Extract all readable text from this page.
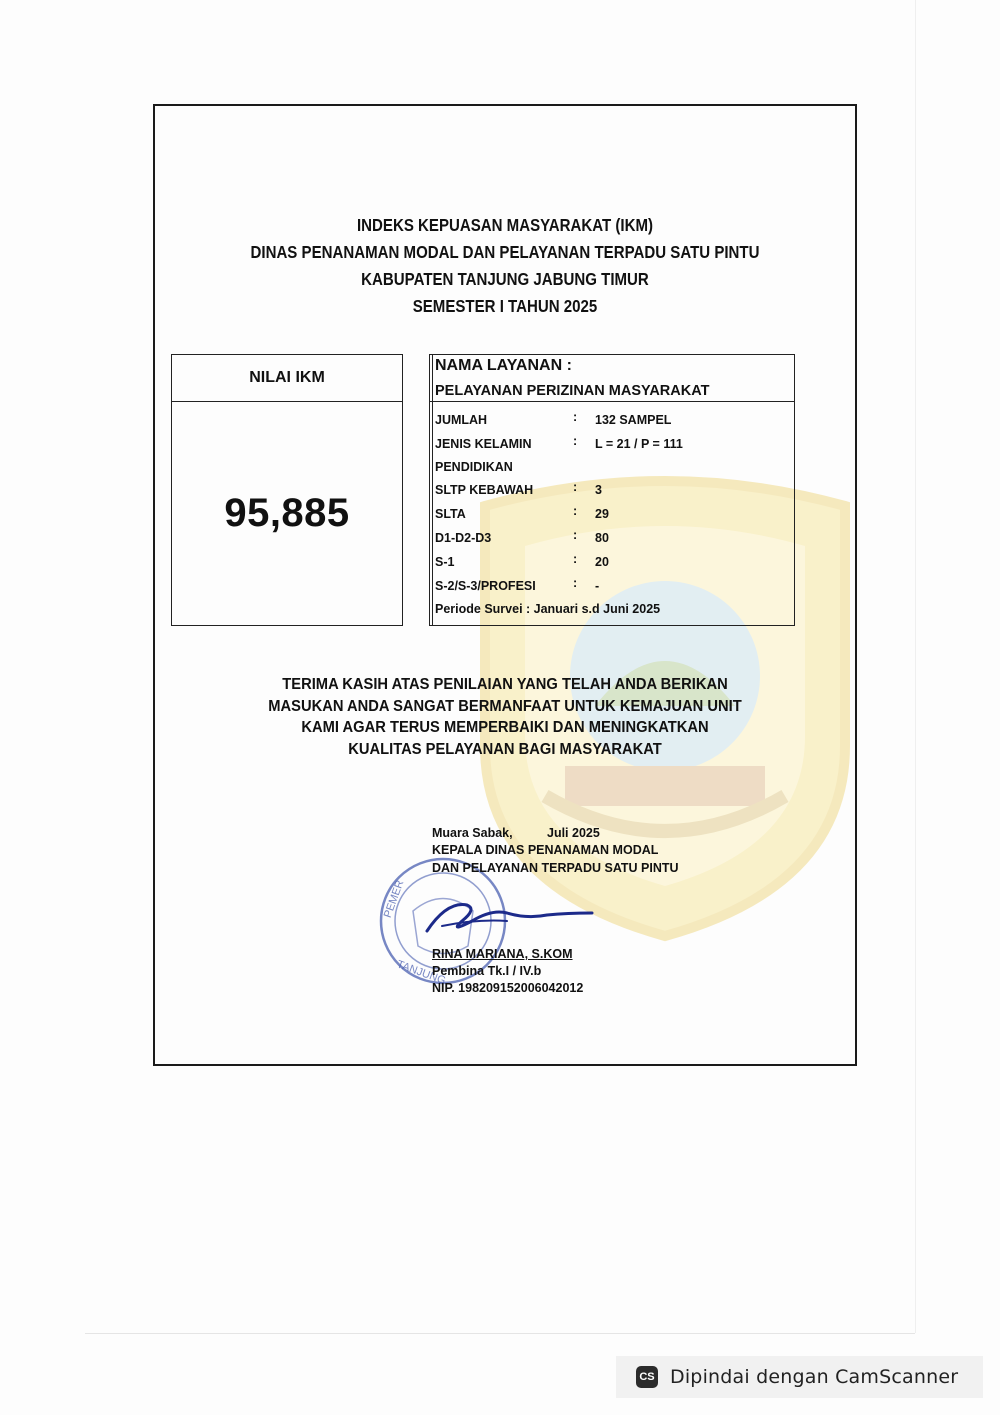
INDEKS KEPUASAN MASYARAKAT (IKM)
DINAS PENANAMAN MODAL DAN PELAYANAN TERPADU SATU PINTU
KABUPATEN TANJUNG JABUNG TIMUR
SEMESTER I TAHUN 2025
NILAI IKM
95,885
NAMA LAYANAN :
PELAYANAN PERIZINAN MASYARAKAT
JUMLAH	: 132 SAMPEL
JENIS KELAMIN	: L = 21 / P = 111
PENDIDIKAN
SLTP KEBAWAH	: 3
SLTA	: 29
D1-D2-D3	: 80
S-1	: 20
S-2/S-3/PROFESI	: -
Periode Survei : Januari s.d Juni 2025
TERIMA KASIH ATAS PENILAIAN YANG TELAH ANDA BERIKAN
MASUKAN ANDA SANGAT BERMANFAAT UNTUK KEMAJUAN UNIT
KAMI AGAR TERUS MEMPERBAIKI DAN MENINGKATKAN
KUALITAS PELAYANAN BAGI MASYARAKAT
PEMER
TANJUNG
Muara Sabak,	Juli 2025
KEPALA DINAS PENANAMAN MODAL
DAN PELAYANAN TERPADU SATU PINTU
RINA MARIANA, S.KOM
Pembina Tk.I / IV.b
NIP. 198209152006042012
CS Dipindai dengan CamScanner
